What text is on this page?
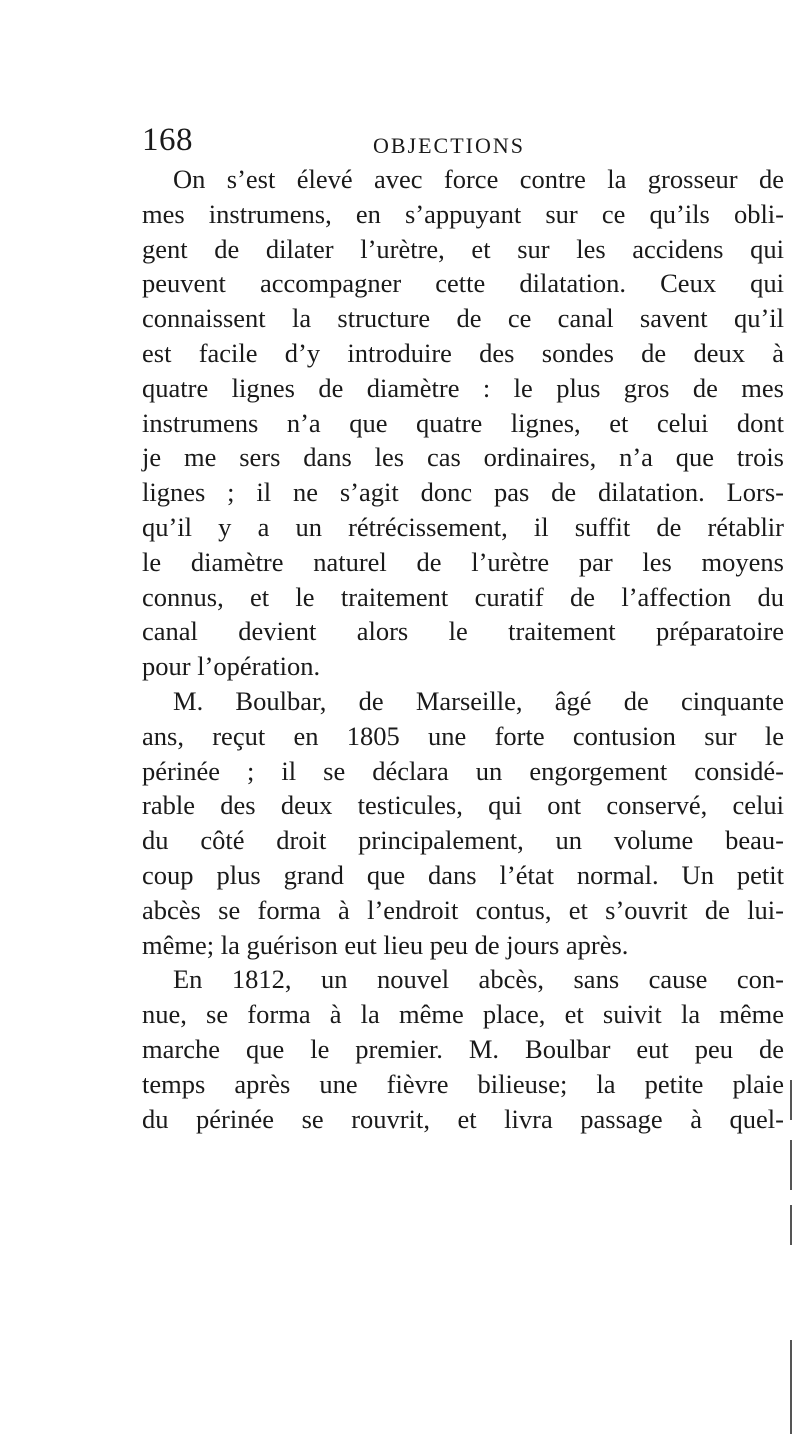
168	OBJECTIONS
On s’est élevé avec force contre la grosseur de
mes instrumens, en s’appuyant sur ce qu’ils obli-
gent de dilater l’urètre, et sur les accidens qui
peuvent accompagner cette dilatation. Ceux qui
connaissent la structure de ce canal savent qu’il
est facile d’y introduire des sondes de deux à
quatre lignes de diamètre : le plus gros de mes
instrumens n’a que quatre lignes, et celui dont
je me sers dans les cas ordinaires, n’a que trois
lignes ; il ne s’agit donc pas de dilatation. Lors-
qu’il y a un rétrécissement, il suffit de rétablir
le diamètre naturel de l’urètre par les moyens
connus, et le traitement curatif de l’affection du
canal devient alors le traitement préparatoire
pour l’opération.
M. Boulbar, de Marseille, âgé de cinquante
ans, reçut en 1805 une forte contusion sur le
périnée ; il se déclara un engorgement considé-
rable des deux testicules, qui ont conservé, celui
du côté droit principalement, un volume beau-
coup plus grand que dans l’état normal. Un petit
abcès se forma à l’endroit contus, et s’ouvrit de lui-
même; la guérison eut lieu peu de jours après.
En 1812, un nouvel abcès, sans cause con-
nue, se forma à la même place, et suivit la même
marche que le premier. M. Boulbar eut peu de
temps après une fièvre bilieuse; la petite plaie
du périnée se rouvrit, et livra passage à quel-
